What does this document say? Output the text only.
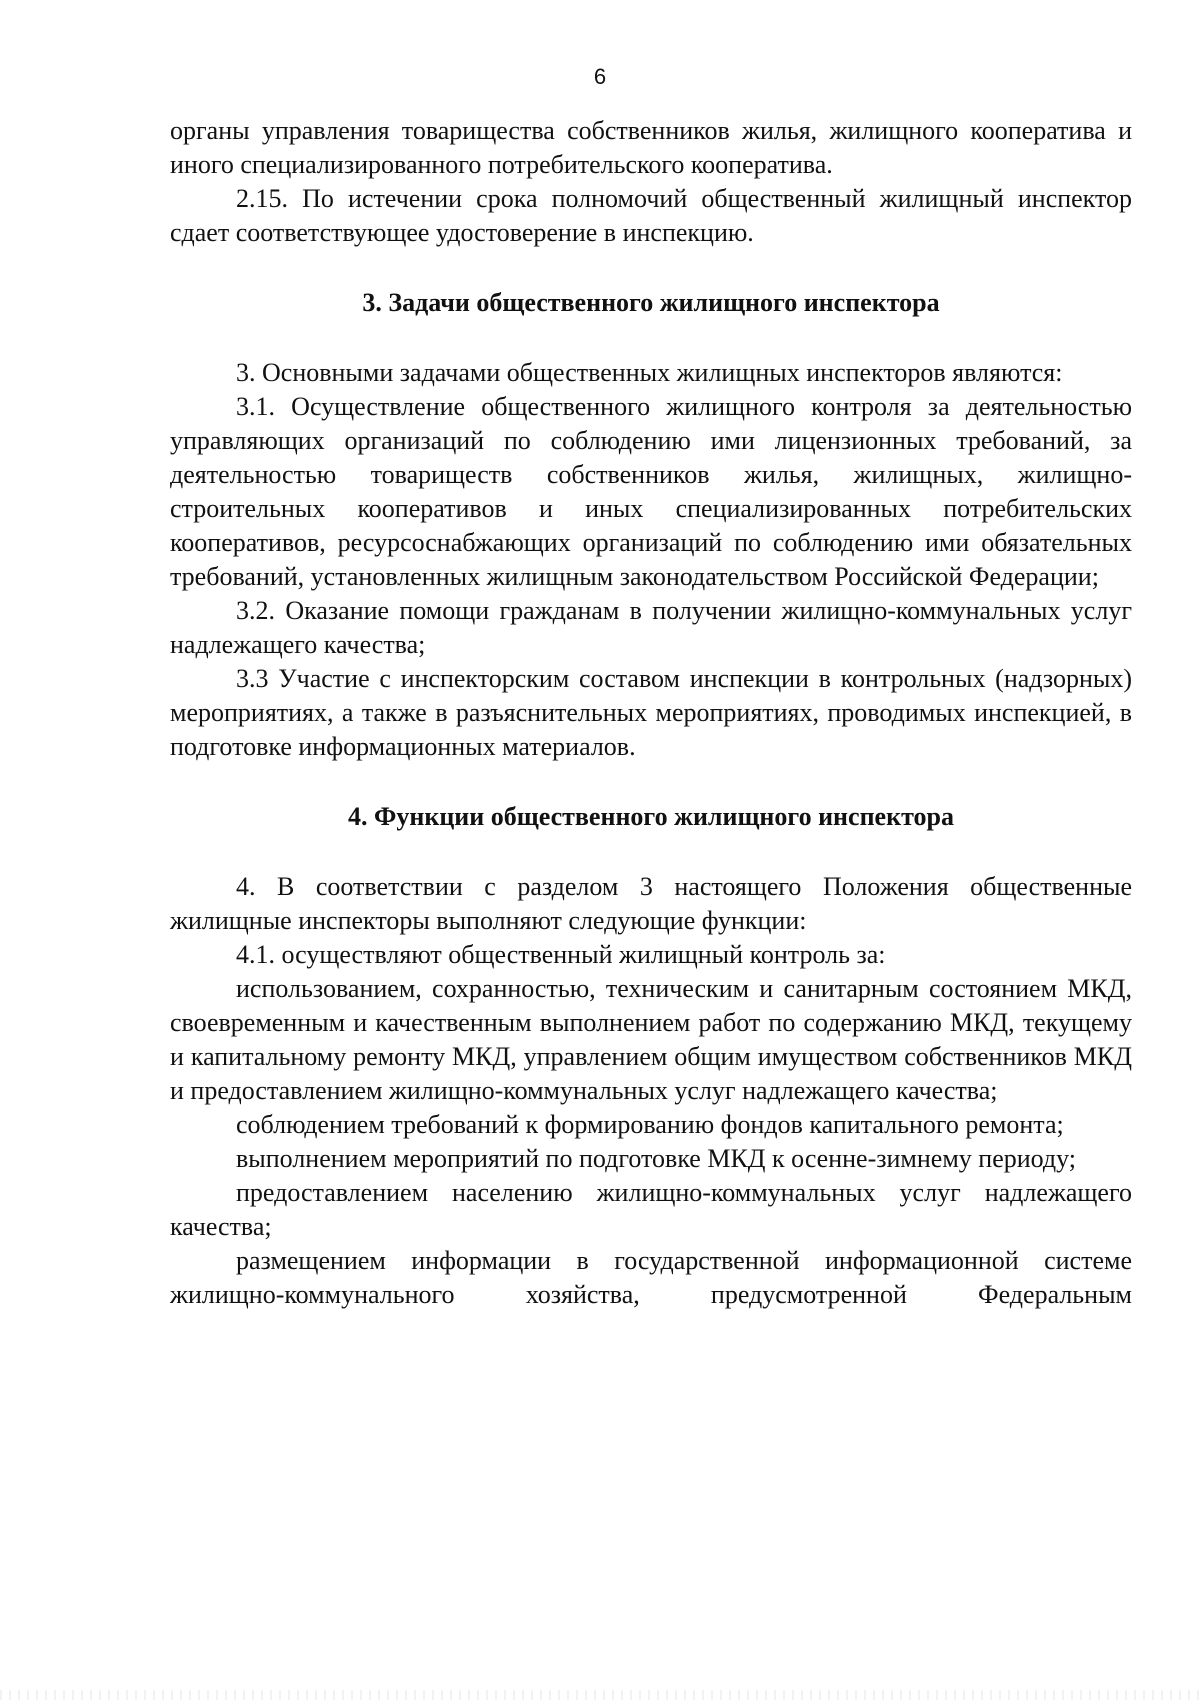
6

органы управления товарищества собственников жилья, жилищного кооператива и иного специализированного потребительского кооператива.

2.15. По истечении срока полномочий общественный жилищный инспектор сдает соответствующее удостоверение в инспекцию.

3. Задачи общественного жилищного инспектора

3. Основными задачами общественных жилищных инспекторов являются:

3.1. Осуществление общественного жилищного контроля за деятельностью управляющих организаций по соблюдению ими лицензионных требований, за деятельностью товариществ собственников жилья, жилищных, жилищно-строительных кооперативов и иных специализированных потребительских кооперативов, ресурсоснабжающих организаций по соблюдению ими обязательных требований, установленных жилищным законодательством Российской Федерации;

3.2. Оказание помощи гражданам в получении жилищно-коммунальных услуг надлежащего качества;

3.3 Участие с инспекторским составом инспекции в контрольных (надзорных) мероприятиях, а также в разъяснительных мероприятиях, проводимых инспекцией, в подготовке информационных материалов.

4. Функции общественного жилищного инспектора

4. В соответствии с разделом 3 настоящего Положения общественные жилищные инспекторы выполняют следующие функции:

4.1. осуществляют общественный жилищный контроль за:

использованием, сохранностью, техническим и санитарным состоянием МКД, своевременным и качественным выполнением работ по содержанию МКД, текущему и капитальному ремонту МКД, управлением общим имуществом собственников МКД и предоставлением жилищно-коммунальных услуг надлежащего качества;

соблюдением требований к формированию фондов капитального ремонта;

выполнением мероприятий по подготовке МКД к осенне-зимнему периоду;

предоставлением населению жилищно-коммунальных услуг надлежащего качества;

размещением информации в государственной информационной системе жилищно-коммунального хозяйства, предусмотренной Федеральным
